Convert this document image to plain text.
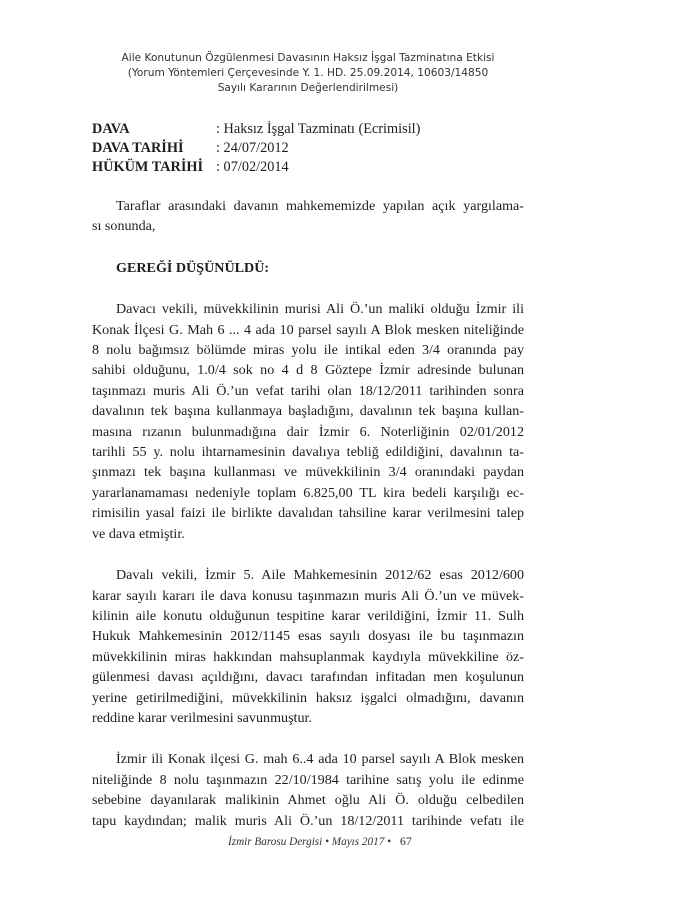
Aile Konutunun Özgülenmesi Davasının Haksız İşgal Tazminatına Etkisi
(Yorum Yöntemleri Çerçevesinde Y. 1. HD. 25.09.2014, 10603/14850
Sayılı Kararının Değerlendirilmesi)
DAVA	: Haksız İşgal Tazminatı (Ecrimisil)
DAVA TARİHİ	: 24/07/2012
HÜKÜM TARİHİ : 07/02/2014

Taraflar arasındaki davanın mahkememizde yapılan açık yargılama-
sı sonunda,

GEREĞİ DÜŞÜNÜLDÜ:

Davacı vekili, müvekkilinin murisi Ali Ö.’un maliki olduğu İzmir ili
Konak İlçesi G. Mah 6 ... 4 ada 10 parsel sayılı A Blok mesken niteliğinde
8 nolu bağımsız bölümde miras yolu ile intikal eden 3/4 oranında pay
sahibi olduğunu, 1.0/4 sok no 4 d 8 Göztepe İzmir adresinde bulunan
taşınmazı muris Ali Ö.’un vefat tarihi olan 18/12/2011 tarihinden sonra
davalının tek başına kullanmaya başladığını, davalının tek başına kullan-
masına rızanın bulunmadığına dair İzmir 6. Noterliğinin 02/01/2012
tarihli 55 y. nolu ihtarnamesinin davalıya tebliğ edildiğini, davalının ta-
şınmazı tek başına kullanması ve müvekkilinin 3/4 oranındaki paydan
yararlanamaması nedeniyle toplam 6.825,00 TL kira bedeli karşılığı ec-
rimisilin yasal faizi ile birlikte davalıdan tahsiline karar verilmesini talep
ve dava etmiştir.

Davalı vekili, İzmir 5. Aile Mahkemesinin 2012/62 esas 2012/600
karar sayılı kararı ile dava konusu taşınmazın muris Ali Ö.’un ve müvek-
kilinin aile konutu olduğunun tespitine karar verildiğini, İzmir 11. Sulh
Hukuk Mahkemesinin 2012/1145 esas sayılı dosyası ile bu taşınmazın
müvekkilinin miras hakkından mahsuplanmak kaydıyla müvekkiline öz-
gülenmesi davası açıldığını, davacı tarafından infitadan men koşulunun
yerine getirilmediğini, müvekkilinin haksız işgalci olmadığını, davanın
reddine karar verilmesini savunmuştur.

İzmir ili Konak ilçesi G. mah 6..4 ada 10 parsel sayılı A Blok mesken
niteliğinde 8 nolu taşınmazın 22/10/1984 tarihine satış yolu ile edinme
sebebine dayanılarak malikinin Ahmet oğlu Ali Ö. olduğu celbedilen
tapu kaydından; malik muris Ali Ö.’un 18/12/2011 tarihinde vefatı ile

İzmir Barosu Dergisi • Mayıs 2017 • 67
